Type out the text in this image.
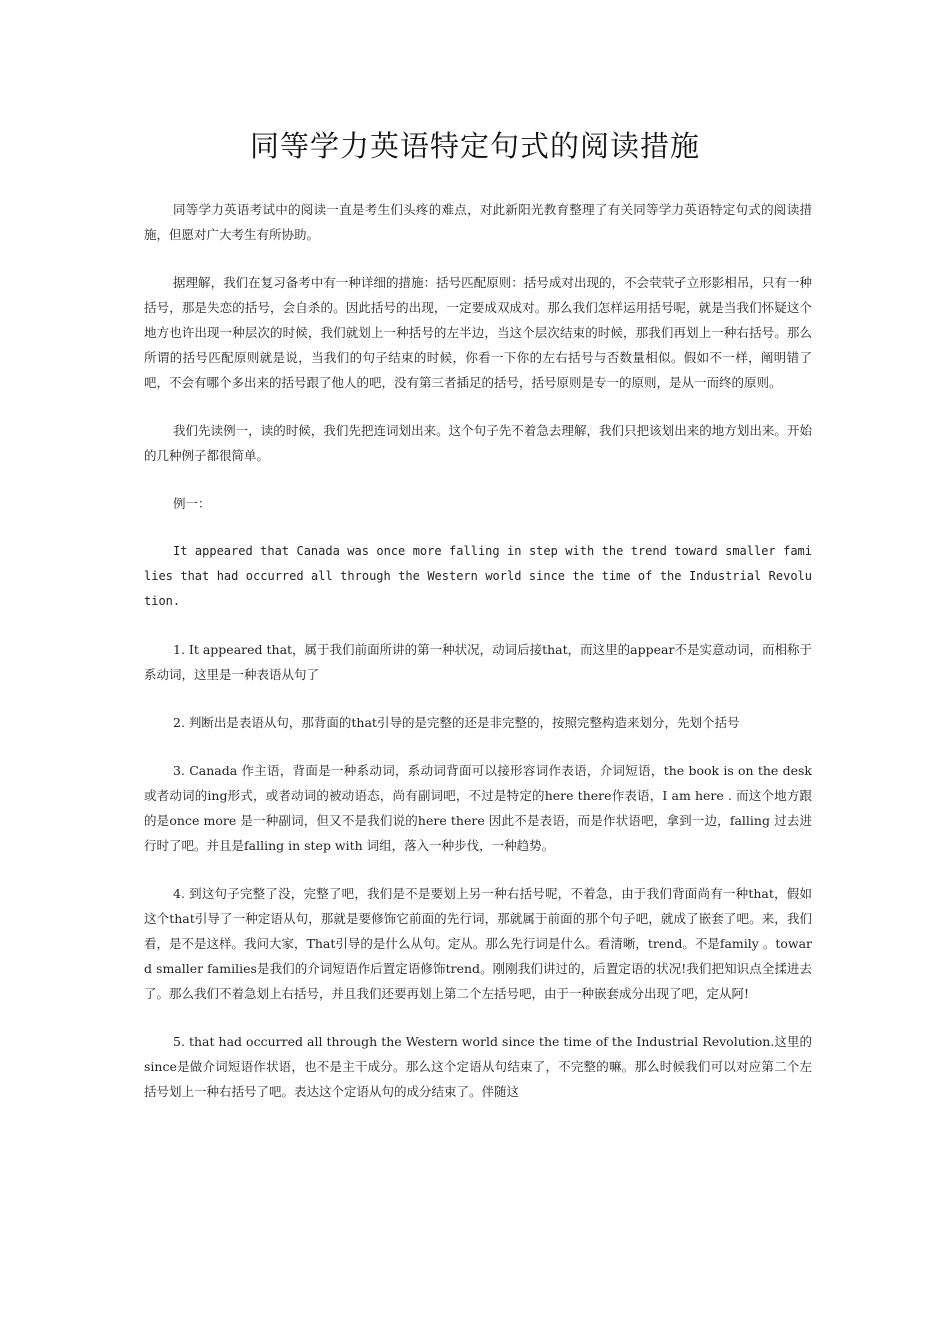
同等学力英语特定句式的阅读措施

同等学力英语考试中的阅读一直是考生们头疼的难点，对此新阳光教育整理了有关同等学力英语特定句式的阅读措施，但愿对广大考生有所协助。

据理解，我们在复习备考中有一种详细的措施：括号匹配原则：括号成对出现的，不会茕茕孑立形影相吊，只有一种括号，那是失恋的括号，会自杀的。因此括号的出现，一定要成双成对。那么我们怎样运用括号呢，就是当我们怀疑这个地方也许出现一种层次的时候，我们就划上一种括号的左半边，当这个层次结束的时候，那我们再划上一种右括号。那么所谓的括号匹配原则就是说，当我们的句子结束的时候，你看一下你的左右括号与否数量相似。假如不一样，阐明错了吧，不会有哪个多出来的括号跟了他人的吧，没有第三者插足的括号，括号原则是专一的原则，是从一而终的原则。

我们先读例一，读的时候，我们先把连词划出来。这个句子先不着急去理解，我们只把该划出来的地方划出来。开始的几种例子都很简单。

例一：

It appeared that Canada was once more falling in step with the trend toward smaller families that had occurred all through the Western world since the time of the Industrial Revolution.

1. It appeared that，属于我们前面所讲的第一种状况，动词后接that，而这里的appear不是实意动词，而相称于系动词，这里是一种表语从句了

2. 判断出是表语从句，那背面的that引导的是完整的还是非完整的，按照完整构造来划分，先划个括号

3. Canada 作主语，背面是一种系动词，系动词背面可以接形容词作表语，介词短语，the book is on the desk或者动词的ing形式，或者动词的被动语态，尚有副词吧，不过是特定的here there作表语，I am here . 而这个地方跟的是once more 是一种副词，但又不是我们说的here there 因此不是表语，而是作状语吧，拿到一边，falling 过去进行时了吧。并且是falling in step with 词组，落入一种步伐，一种趋势。

4. 到这句子完整了没，完整了吧，我们是不是要划上另一种右括号呢，不着急，由于我们背面尚有一种that，假如这个that引导了一种定语从句，那就是要修饰它前面的先行词，那就属于前面的那个句子吧，就成了嵌套了吧。来，我们看，是不是这样。我问大家，That引导的是什么从句。定从。那么先行词是什么。看清晰，trend。不是family 。toward smaller families是我们的介词短语作后置定语修饰trend。刚刚我们讲过的，后置定语的状况!我们把知识点全揉进去了。那么我们不着急划上右括号，并且我们还要再划上第二个左括号吧，由于一种嵌套成分出现了吧，定从阿!

5. that had occurred all through the Western world since the time of the Industrial Revolution.这里的since是做介词短语作状语，也不是主干成分。那么这个定语从句结束了，不完整的嘛。那么时候我们可以对应第二个左括号划上一种右括号了吧。表达这个定语从句的成分结束了。伴随这
